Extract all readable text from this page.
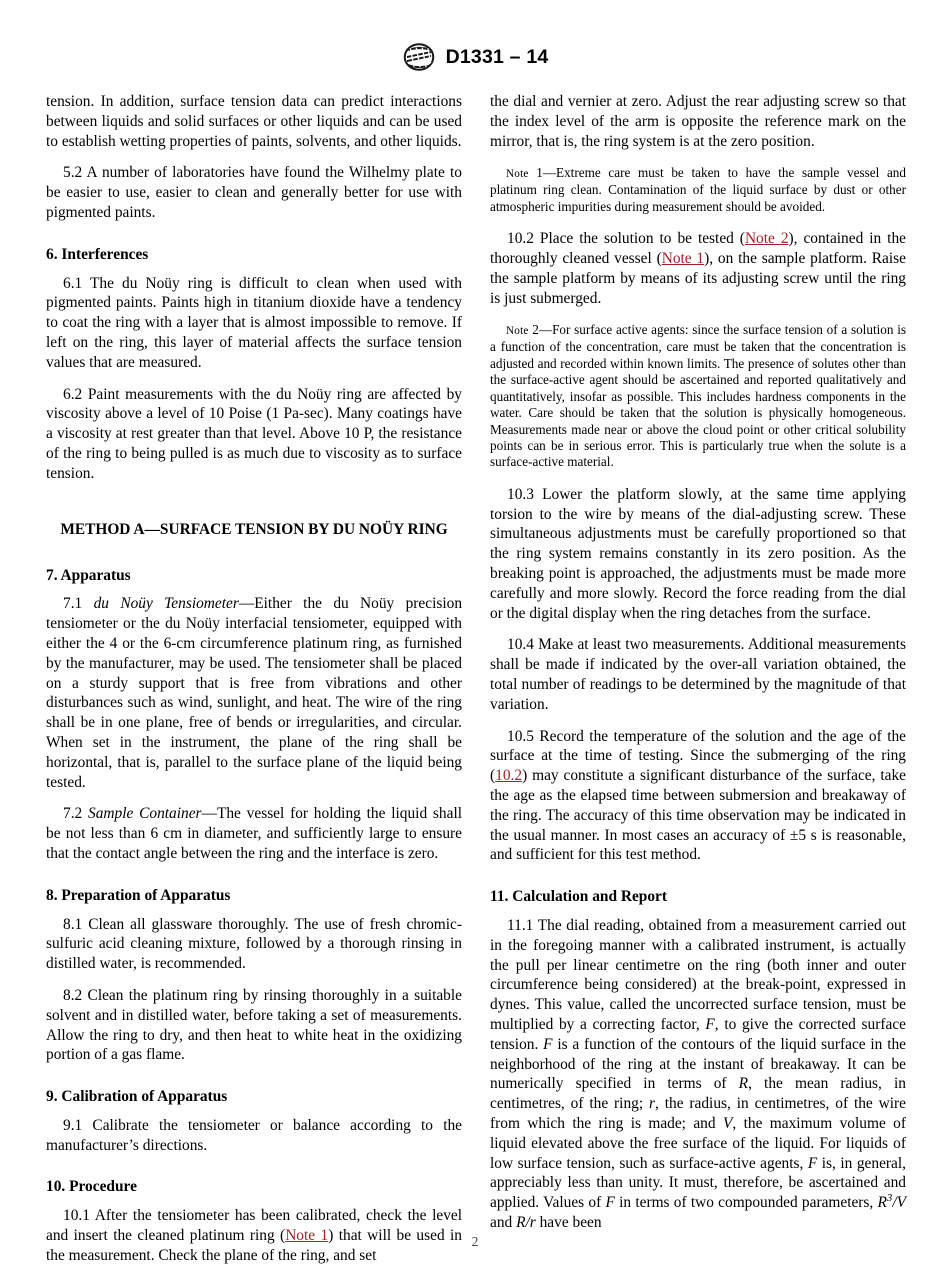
D1331 – 14

tension. In addition, surface tension data can predict interactions between liquids and solid surfaces or other liquids and can be used to establish wetting properties of paints, solvents, and other liquids.

5.2 A number of laboratories have found the Wilhelmy plate to be easier to use, easier to clean and generally better for use with pigmented paints.

6. Interferences

6.1 The du Noüy ring is difficult to clean when used with pigmented paints. Paints high in titanium dioxide have a tendency to coat the ring with a layer that is almost impossible to remove. If left on the ring, this layer of material affects the surface tension values that are measured.

6.2 Paint measurements with the du Noüy ring are affected by viscosity above a level of 10 Poise (1 Pa-sec). Many coatings have a viscosity at rest greater than that level. Above 10 P, the resistance of the ring to being pulled is as much due to viscosity as to surface tension.

METHOD A—SURFACE TENSION BY DU NOÜY RING
7. Apparatus

7.1 du Noüy Tensiometer—Either the du Noüy precision tensiometer or the du Noüy interfacial tensiometer, equipped with either the 4 or the 6-cm circumference platinum ring, as furnished by the manufacturer, may be used. The tensiometer shall be placed on a sturdy support that is free from vibrations and other disturbances such as wind, sunlight, and heat. The wire of the ring shall be in one plane, free of bends or irregularities, and circular. When set in the instrument, the plane of the ring shall be horizontal, that is, parallel to the surface plane of the liquid being tested.

7.2 Sample Container—The vessel for holding the liquid shall be not less than 6 cm in diameter, and sufficiently large to ensure that the contact angle between the ring and the interface is zero.

8. Preparation of Apparatus

8.1 Clean all glassware thoroughly. The use of fresh chromic-sulfuric acid cleaning mixture, followed by a thorough rinsing in distilled water, is recommended.

8.2 Clean the platinum ring by rinsing thoroughly in a suitable solvent and in distilled water, before taking a set of measurements. Allow the ring to dry, and then heat to white heat in the oxidizing portion of a gas flame.

9. Calibration of Apparatus

9.1 Calibrate the tensiometer or balance according to the manufacturer’s directions.

10. Procedure

10.1 After the tensiometer has been calibrated, check the level and insert the cleaned platinum ring (Note 1) that will be used in the measurement. Check the plane of the ring, and set

the dial and vernier at zero. Adjust the rear adjusting screw so that the index level of the arm is opposite the reference mark on the mirror, that is, the ring system is at the zero position.

Note 1—Extreme care must be taken to have the sample vessel and platinum ring clean. Contamination of the liquid surface by dust or other atmospheric impurities during measurement should be avoided.

10.2 Place the solution to be tested (Note 2), contained in the thoroughly cleaned vessel (Note 1), on the sample platform. Raise the sample platform by means of its adjusting screw until the ring is just submerged.

Note 2—For surface active agents: since the surface tension of a solution is a function of the concentration, care must be taken that the concentration is adjusted and recorded within known limits. The presence of solutes other than the surface-active agent should be ascertained and reported qualitatively and quantitatively, insofar as possible. This includes hardness components in the water. Care should be taken that the solution is physically homogeneous. Measurements made near or above the cloud point or other critical solubility points can be in serious error. This is particularly true when the solute is a surface-active material.

10.3 Lower the platform slowly, at the same time applying torsion to the wire by means of the dial-adjusting screw. These simultaneous adjustments must be carefully proportioned so that the ring system remains constantly in its zero position. As the breaking point is approached, the adjustments must be made more carefully and more slowly. Record the force reading from the dial or the digital display when the ring detaches from the surface.

10.4 Make at least two measurements. Additional measurements shall be made if indicated by the over-all variation obtained, the total number of readings to be determined by the magnitude of that variation.

10.5 Record the temperature of the solution and the age of the surface at the time of testing. Since the submerging of the ring (10.2) may constitute a significant disturbance of the surface, take the age as the elapsed time between submersion and breakaway of the ring. The accuracy of this time observation may be indicated in the usual manner. In most cases an accuracy of ±5 s is reasonable, and sufficient for this test method.

11. Calculation and Report

11.1 The dial reading, obtained from a measurement carried out in the foregoing manner with a calibrated instrument, is actually the pull per linear centimetre on the ring (both inner and outer circumference being considered) at the break-point, expressed in dynes. This value, called the uncorrected surface tension, must be multiplied by a correcting factor, F, to give the corrected surface tension. F is a function of the contours of the liquid surface in the neighborhood of the ring at the instant of breakaway. It can be numerically specified in terms of R, the mean radius, in centimetres, of the ring; r, the radius, in centimetres, of the wire from which the ring is made; and V, the maximum volume of liquid elevated above the free surface of the liquid. For liquids of low surface tension, such as surface-active agents, F is, in general, appreciably less than unity. It must, therefore, be ascertained and applied. Values of F in terms of two compounded parameters, $R^3/V$ and R/r have been

2
